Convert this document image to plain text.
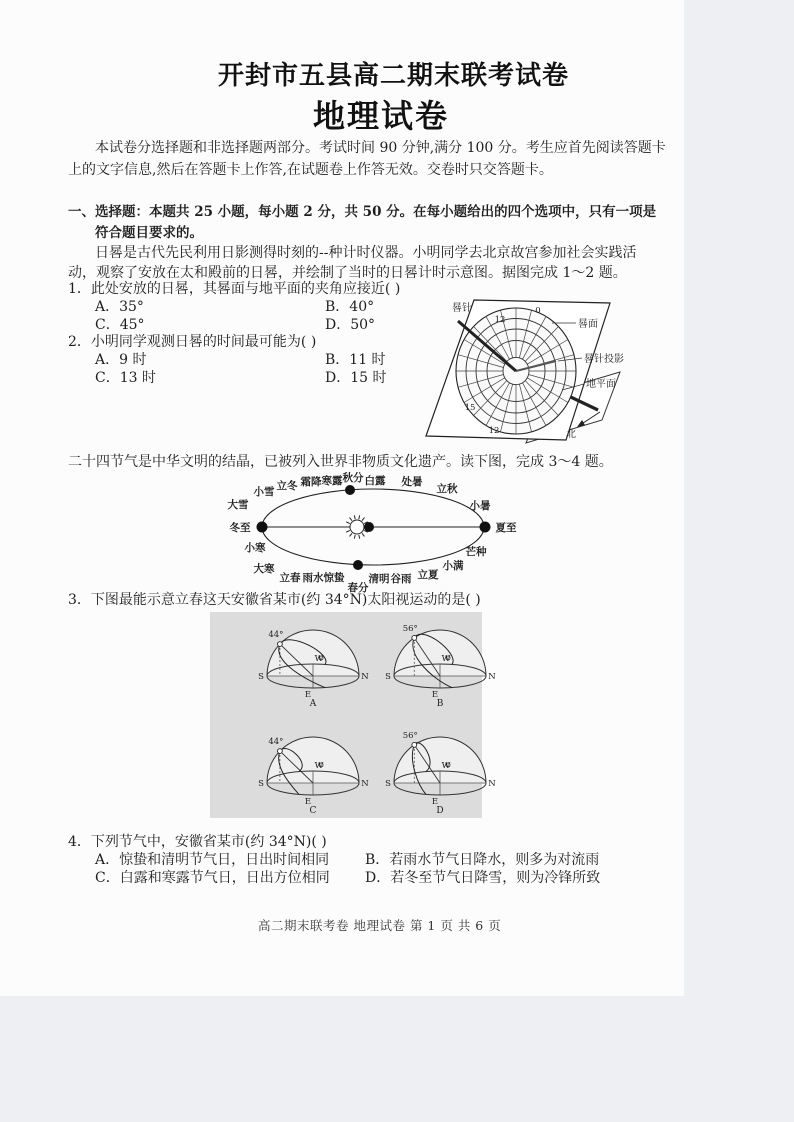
开封市五县高二期末联考试卷
地理试卷
本试卷分选择题和非选择题两部分。考试时间 90 分钟,满分 100 分。考生应首先阅读答题卡
上的文字信息,然后在答题卡上作答,在试题卷上作答无效。交卷时只交答题卡。
一、选择题：本题共 25 小题，每小题 2 分，共 50 分。在每小题给出的四个选项中，只有一项是
符合题目要求的。
日晷是古代先民利用日影测得时刻的--种计时仪器。小明同学去北京故宫参加社会实践活
动，观察了安放在太和殿前的日晷，并绘制了当时的日晷计时示意图。据图完成 1～2 题。
1．此处安放的日晷，其晷面与地平面的夹角应接近( )
A．35°	B．40°
C．45°	D．50°
2．小明同学观测日晷的时间最可能为( )
A．9 时	B．11 时
C．13 时	D．15 时
12
0
15
12
晷针
晷面
晷针投影
地平面
北
二十四节气是中华文明的结晶，已被列入世界非物质文化遗产。读下图，完成 3～4 题。
小雪 立冬 霜降 寒露 秋分 白露 处暑
立秋
小暑
大雪
冬至
小寒
大寒
立春 雨水 惊蛰
春分
清明 谷雨 立夏
小满
芒种
夏至
3．下图最能示意立春这天安徽省某市(约 34°N)太阳视运动的是( )
44°
S	N
E
W
A
56°
S	N
E
W
B
44°
S	N
E
W
C
56°
S	N
E
W
D
4．下列节气中，安徽省某市(约 34°N)( )
A．惊蛰和清明节气日，日出时间相同	B．若雨水节气日降水，则多为对流雨
C．白露和寒露节气日，日出方位相同	D．若冬至节气日降雪，则为冷锋所致
高二期末联考卷 地理试卷 第 1 页 共 6 页
